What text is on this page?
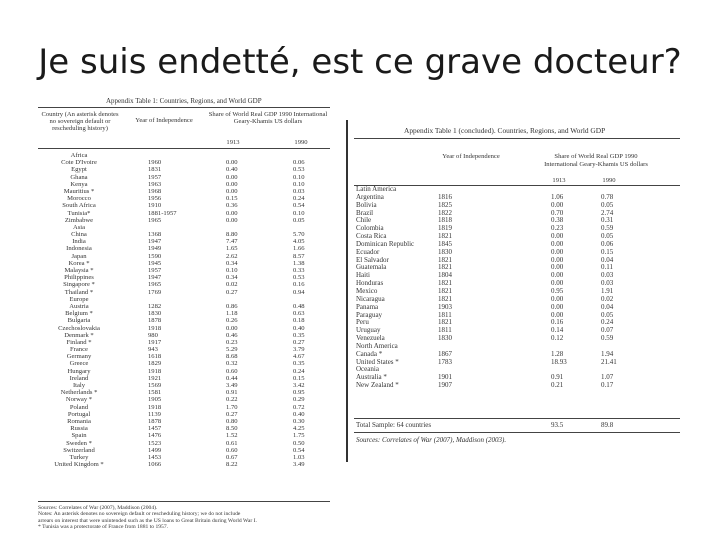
Je suis endetté, est ce grave docteur?
Appendix Table 1: Countries, Regions, and World GDP
Country (An asterisk denotes no sovereign default or rescheduling history)
Year of Independence
Share of World Real GDP 1990 International Geary-Khamis US dollars
1913	1990
Africa
Cote D'Ivoire	1960	0.00	0.06
Egypt	1831	0.40	0.53
Ghana	1957	0.00	0.10
Kenya	1963	0.00	0.10
Mauritius *	1968	0.00	0.03
Morocco	1956	0.15	0.24
South Africa	1910	0.36	0.54
Tunisia*	1881-1957	0.00	0.10
Zimbabwe	1965	0.00	0.05
Asia
China	1368	8.80	5.70
India	1947	7.47	4.05
Indonesia	1949	1.65	1.66
Japan	1590	2.62	8.57
Korea *	1945	0.34	1.38
Malaysia *	1957	0.10	0.33
Philippines	1947	0.34	0.53
Singapore *	1965	0.02	0.16
Thailand *	1769	0.27	0.94
Europe
Austria	1282	0.86	0.48
Belgium *	1830	1.18	0.63
Bulgaria	1878	0.26	0.18
Czechoslovakia	1918	0.00	0.40
Denmark *	980	0.46	0.35
Finland *	1917	0.23	0.27
France	943	5.29	3.79
Germany	1618	8.68	4.67
Greece	1829	0.32	0.35
Hungary	1918	0.60	0.24
Ireland	1921	0.44	0.15
Italy	1569	3.49	3.42
Netherlands *	1581	0.91	0.95
Norway *	1905	0.22	0.29
Poland	1918	1.70	0.72
Portugal	1139	0.27	0.40
Romania	1878	0.80	0.30
Russia	1457	8.50	4.25
Spain	1476	1.52	1.75
Sweden *	1523	0.61	0.50
Switzerland	1499	0.60	0.54
Turkey	1453	0.67	1.03
United Kingdom *	1066	8.22	3.49
Sources: Correlates of War (2007), Maddison (2004).
Notes: An asterisk denotes no sovereign default or rescheduling history; we do not include
arrears on interest that were unintended such as the US loans to Great Britain during World War I.
* Tunisia was a protectorate of France from 1881 to 1957.
Appendix Table 1 (concluded). Countries, Regions, and World GDP
Year of Independence	Share of World Real GDP 1990 International Geary-Khamis US dollars
1913	1990
Latin America
Argentina	1816	1.06	0.78
Bolivia	1825	0.00	0.05
Brazil	1822	0.70	2.74
Chile	1818	0.38	0.31
Colombia	1819	0.23	0.59
Costa Rica	1821	0.00	0.05
Dominican Republic	1845	0.00	0.06
Ecuador	1830	0.00	0.15
El Salvador	1821	0.00	0.04
Guatemala	1821	0.00	0.11
Haiti	1804	0.00	0.03
Honduras	1821	0.00	0.03
Mexico	1821	0.95	1.91
Nicaragua	1821	0.00	0.02
Panama	1903	0.00	0.04
Paraguay	1811	0.00	0.05
Peru	1821	0.16	0.24
Uruguay	1811	0.14	0.07
Venezuela	1830	0.12	0.59
North America
Canada *	1867	1.28	1.94
United States *	1783	18.93	21.41
Oceania
Australia *	1901	0.91	1.07
New Zealand *	1907	0.21	0.17
Total Sample: 64 countries	93.5	89.8
Sources: Correlates of War (2007), Maddison (2003).
